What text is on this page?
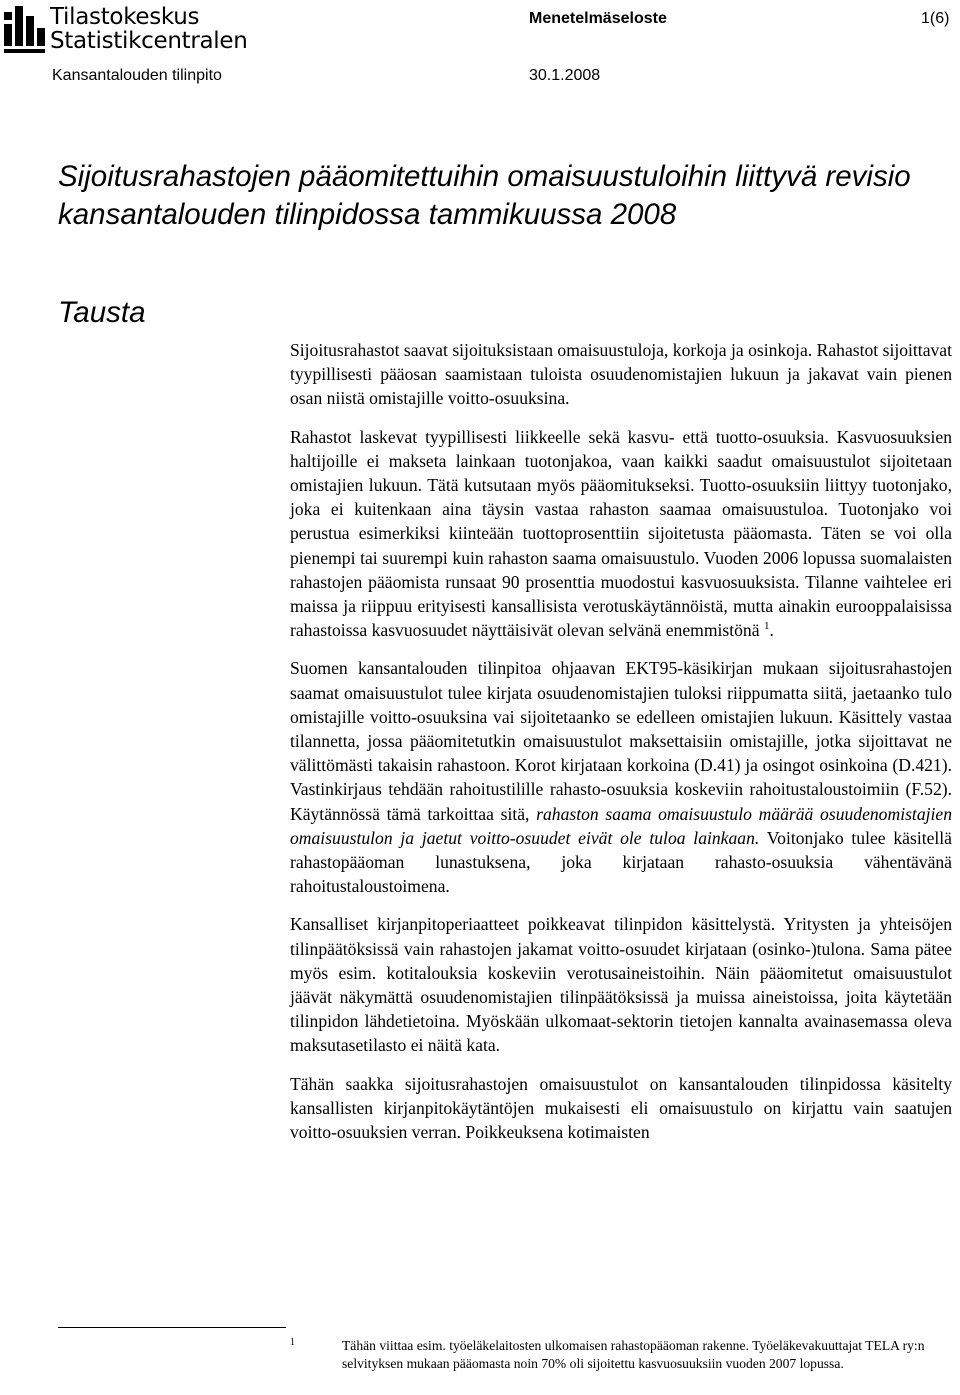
Tilastokeskus
Statistikcentralen
Menetelmäseloste	1(6)
Kansantalouden tilinpito	30.1.2008
Sijoitusrahastojen pääomitettuihin omaisuustuloihin liittyvä revisio kansantalouden tilinpidossa tammikuussa 2008
Tausta

Sijoitusrahastot saavat sijoituksistaan omaisuustuloja, korkoja ja osinkoja. Rahastot sijoittavat tyypillisesti pääosan saamistaan tuloista osuudenomistajien lukuun ja jakavat vain pienen osan niistä omistajille voitto-osuuksina.

Rahastot laskevat tyypillisesti liikkeelle sekä kasvu- että tuotto-osuuksia. Kasvuosuuksien haltijoille ei makseta lainkaan tuotonjakoa, vaan kaikki saadut omaisuustulot sijoitetaan omistajien lukuun. Tätä kutsutaan myös pääomitukseksi. Tuotto-osuuksiin liittyy tuotonjako, joka ei kuitenkaan aina täysin vastaa rahaston saamaa omaisuustuloa. Tuotonjako voi perustua esimerkiksi kiinteään tuottoprosenttiin sijoitetusta pääomasta. Täten se voi olla pienempi tai suurempi kuin rahaston saama omaisuustulo. Vuoden 2006 lopussa suomalaisten rahastojen pääomista runsaat 90 prosenttia muodostui kasvuosuuksista. Tilanne vaihtelee eri maissa ja riippuu erityisesti kansallisista verotuskäytännöistä, mutta ainakin eurooppalaisissa rahastoissa kasvuosuudet näyttäisivät olevan selvänä enemmistönä $^1$.

Suomen kansantalouden tilinpitoa ohjaavan EKT95-käsikirjan mukaan sijoitusrahastojen saamat omaisuustulot tulee kirjata osuudenomistajien tuloksi riippumatta siitä, jaetaanko tulo omistajille voitto-osuuksina vai sijoitetaanko se edelleen omistajien lukuun. Käsittely vastaa tilannetta, jossa pääomitetutkin omaisuustulot maksettaisiin omistajille, jotka sijoittavat ne välittömästi takaisin rahastoon. Korot kirjataan korkoina (D.41) ja osingot osinkoina (D.421). Vastinkirjaus tehdään rahoitustilille rahasto-osuuksia koskeviin rahoitustaloustoimiin (F.52). Käytännössä tämä tarkoittaa sitä, rahaston saama omaisuustulo määrää osuudenomistajien omaisuustulon ja jaetut voitto-osuudet eivät ole tuloa lainkaan. Voitonjako tulee käsitellä rahastopääoman lunastuksena, joka kirjataan rahasto-osuuksia vähentävänä rahoitustaloustoimena.

Kansalliset kirjanpitoperiaatteet poikkeavat tilinpidon käsittelystä. Yritysten ja yhteisöjen tilinpäätöksissä vain rahastojen jakamat voitto-osuudet kirjataan (osinko-)tulona. Sama pätee myös esim. kotitalouksia koskeviin verotusaineistoihin. Näin pääomitetut omaisuustulot jäävät näkymättä osuudenomistajien tilinpäätöksissä ja muissa aineistoissa, joita käytetään tilinpidon lähdetietoina. Myöskään ulkomaat-sektorin tietojen kannalta avainasemassa oleva maksutasetilasto ei näitä kata.

Tähän saakka sijoitusrahastojen omaisuustulot on kansantalouden tilinpidossa käsitelty kansallisten kirjanpitokäytäntöjen mukaisesti eli omaisuustulo on kirjattu vain saatujen voitto-osuuksien verran. Poikkeuksena kotimaisten

1	Tähän viittaa esim. työeläkelaitosten ulkomaisen rahastopääoman rakenne. Työeläkevakuuttajat TELA ry:n selvityksen mukaan pääomasta noin 70% oli sijoitettu kasvuosuuksiin vuoden 2007 lopussa.
